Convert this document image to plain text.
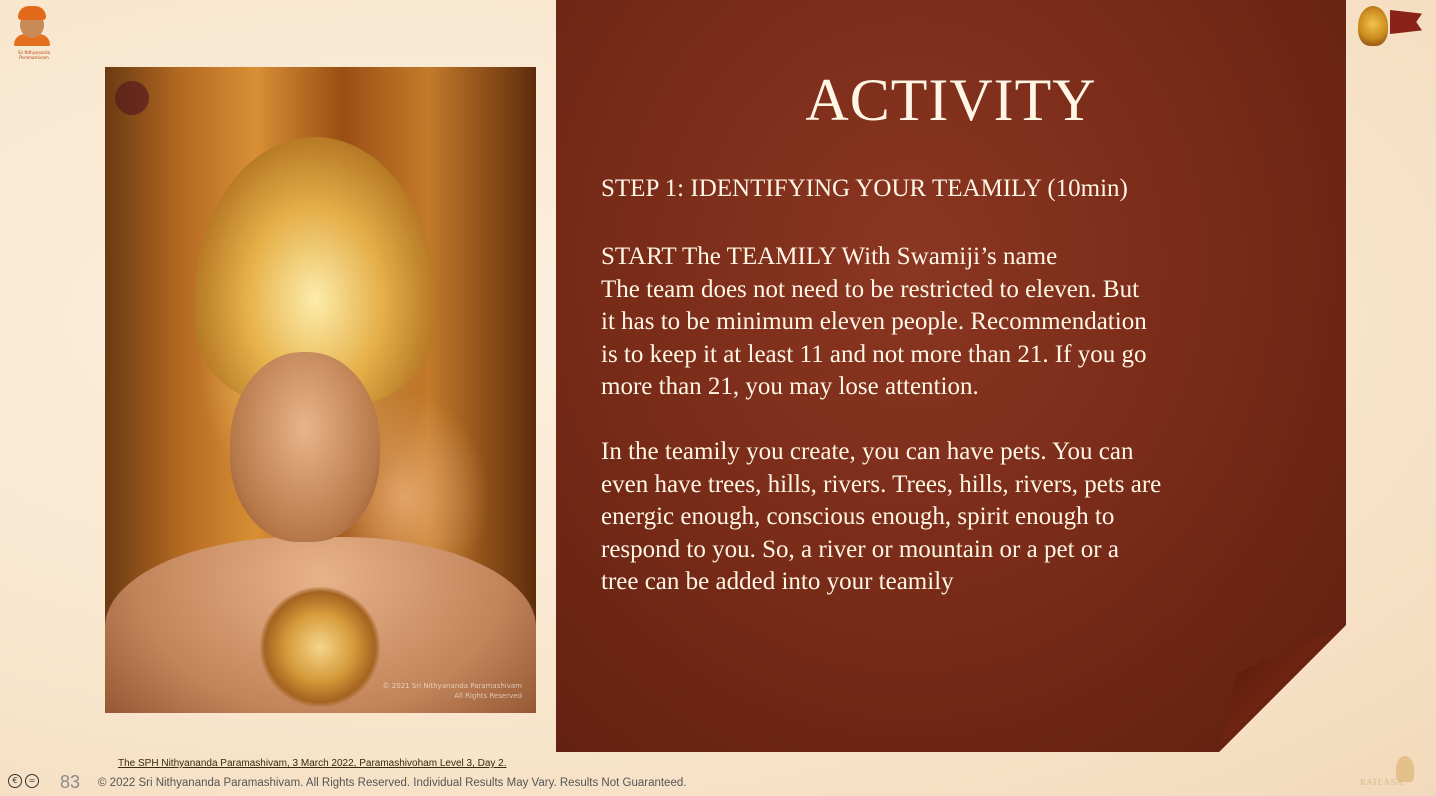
Sri Nithyananda Paramashivam
© 2021 Sri Nithyananda Paramashivam
All Rights Reserved
ACTIVITY
STEP 1: IDENTIFYING YOUR TEAMILY (10min)
START The TEAMILY With Swamiji’s name
The team does not need to be restricted to eleven. But
it has to be minimum eleven people. Recommendation
is to keep it at least 11 and not more than 21. If you go
more than 21, you may lose attention.
In the teamily you create, you can have pets. You can
even have trees, hills, rivers. Trees, hills, rivers, pets are
energic enough, conscious enough, spirit enough to
respond to you. So, a river or mountain or a pet or a
tree can be added into your teamily
The SPH Nithyananda Paramashivam, 3 March 2022, Paramashivoham Level 3, Day 2.
€	= 83 © 2022 Sri Nithyananda Paramashivam. All Rights Reserved. Individual Results May Vary. Results Not Guaranteed.	KAILASA
